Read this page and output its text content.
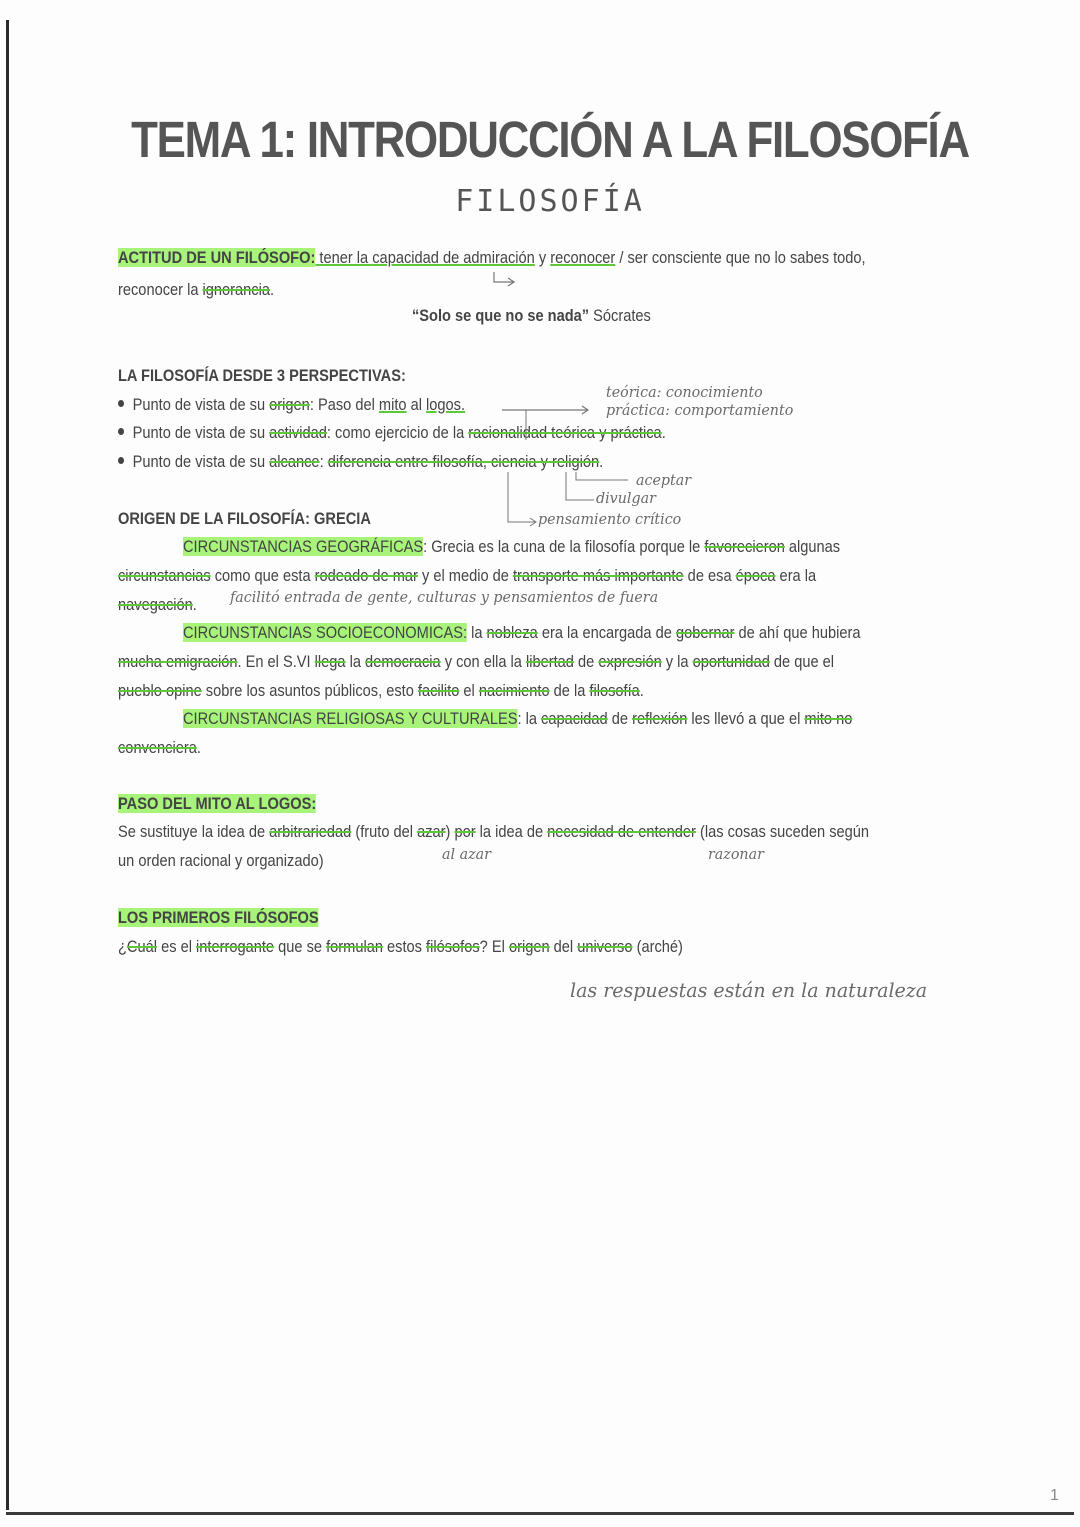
TEMA 1: INTRODUCCIÓN A LA FILOSOFÍA
FILOSOFÍA
ACTITUD DE UN FILÓSOFO: tener la capacidad de admiración y reconocer / ser consciente que no lo sabes todo,
reconocer la ignorancia.
“Solo se que no se nada” Sócrates
LA FILOSOFÍA DESDE 3 PERSPECTIVAS:
Punto de vista de su origen: Paso del mito al logos.
Punto de vista de su actividad: como ejercicio de la racionalidad teórica y práctica.
Punto de vista de su alcance: diferencia entre filosofía, ciencia y religión.
teórica: conocimiento
práctica: comportamiento
aceptar
divulgar
pensamiento crítico
ORIGEN DE LA FILOSOFÍA: GRECIA
CIRCUNSTANCIAS GEOGRÁFICAS: Grecia es la cuna de la filosofía porque le favorecieron algunas
circunstancias como que esta rodeado de mar y el medio de transporte más importante de esa época era la
navegación. facilitó entrada de gente, culturas y pensamientos de fuera
CIRCUNSTANCIAS SOCIOECONOMICAS: la nobleza era la encargada de gobernar de ahí que hubiera
mucha emigración. En el S.VI llega la democracia y con ella la libertad de expresión y la oportunidad de que el
pueblo opine sobre los asuntos públicos, esto facilito el nacimiento de la filosofía.
CIRCUNSTANCIAS RELIGIOSAS Y CULTURALES: la capacidad de reflexión les llevó a que el mito no
convenciera.
PASO DEL MITO AL LOGOS:
Se sustituye la idea de arbitrariedad (fruto del azar) por la idea de necesidad de entender (las cosas suceden según
un orden racional y organizado)	al azar	razonar
LOS PRIMEROS FILÓSOFOS
¿Cuál es el interrogante que se formulan estos filósofos? El origen del universo (arché)
las respuestas están en la naturaleza
1
